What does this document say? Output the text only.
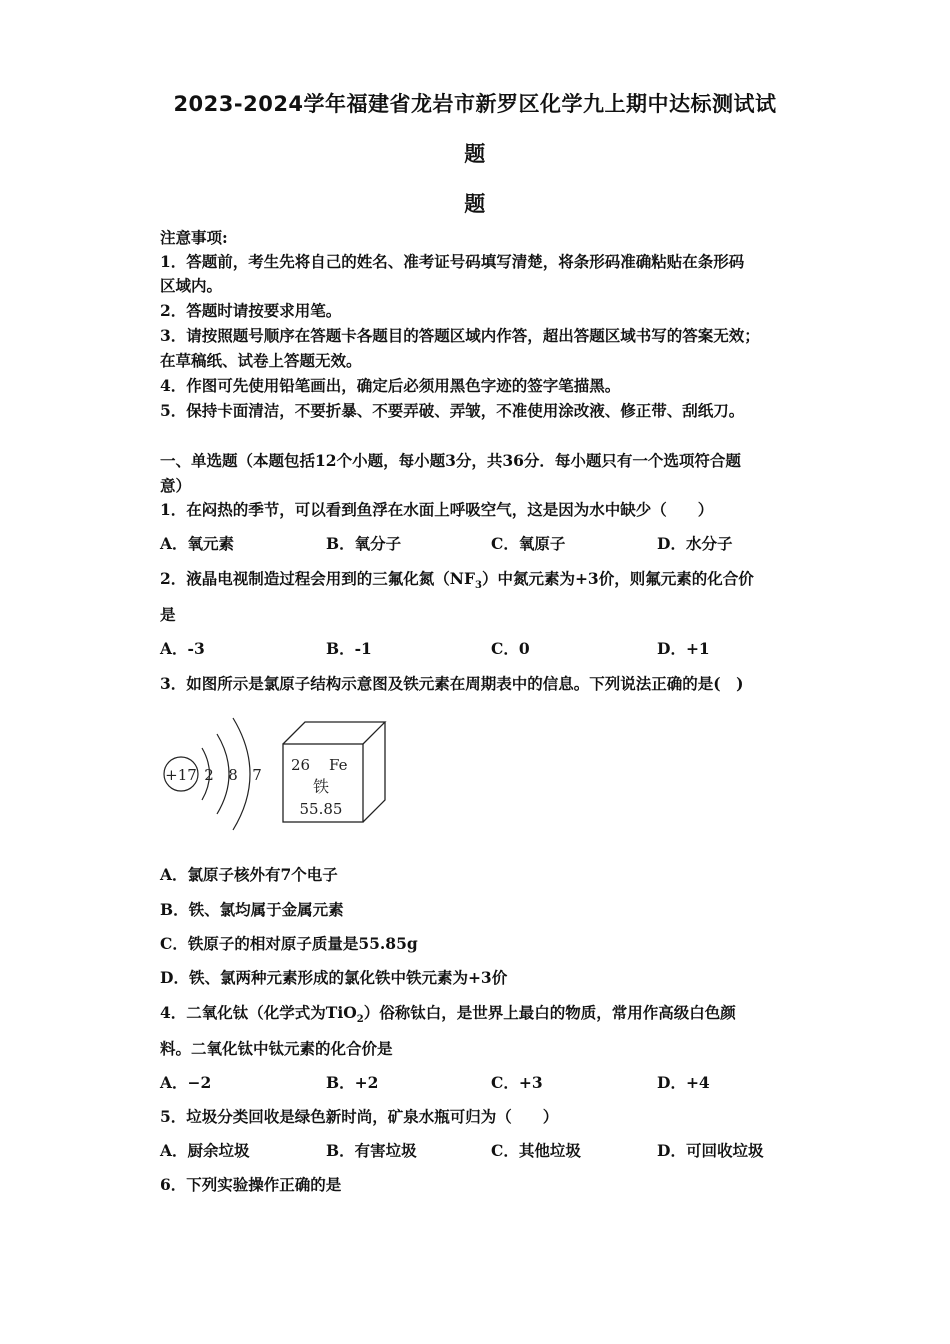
2023-2024学年福建省龙岩市新罗区化学九上期中达标测试试
题
题
注意事项:
1．答题前，考生先将自己的姓名、准考证号码填写清楚，将条形码准确粘贴在条形码
区域内。
2．答题时请按要求用笔。
3．请按照题号顺序在答题卡各题目的答题区域内作答，超出答题区域书写的答案无效；
在草稿纸、试卷上答题无效。
4．作图可先使用铅笔画出，确定后必须用黑色字迹的签字笔描黑。
5．保持卡面清洁，不要折暴、不要弄破、弄皱，不准使用涂改液、修正带、刮纸刀。
一、单选题（本题包括12个小题，每小题3分，共36分．每小题只有一个选项符合题
意）
1．在闷热的季节，可以看到鱼浮在水面上呼吸空气，这是因为水中缺少（　　）
A．氧元素	B．氧分子	C．氧原子	D．水分子
2．液晶电视制造过程会用到的三氟化氮$(NF_3)$中氮元素为+3价，则氟元素的化合价
是
A．-3	B．-1	C．0	D．+1
3．如图所示是氯原子结构示意图及铁元素在周期表中的信息。下列说法正确的是(　)
+17 2 8 7
26 Fe
铁
55.85
A．氯原子核外有7个电子
B．铁、氯均属于金属元素
C．铁原子的相对原子质量是55.85g
D．铁、氯两种元素形成的氯化铁中铁元素为+3价
4．二氧化钛（化学式为TiO$_2$）俗称钛白，是世界上最白的物质，常用作高级白色颜
料。二氧化钛中钛元素的化合价是
A．−2	B．+2	C．+3	D．+4
5．垃圾分类回收是绿色新时尚，矿泉水瓶可归为（　　）
A．厨余垃圾	B．有害垃圾	C．其他垃圾	D．可回收垃圾
6．下列实验操作正确的是
